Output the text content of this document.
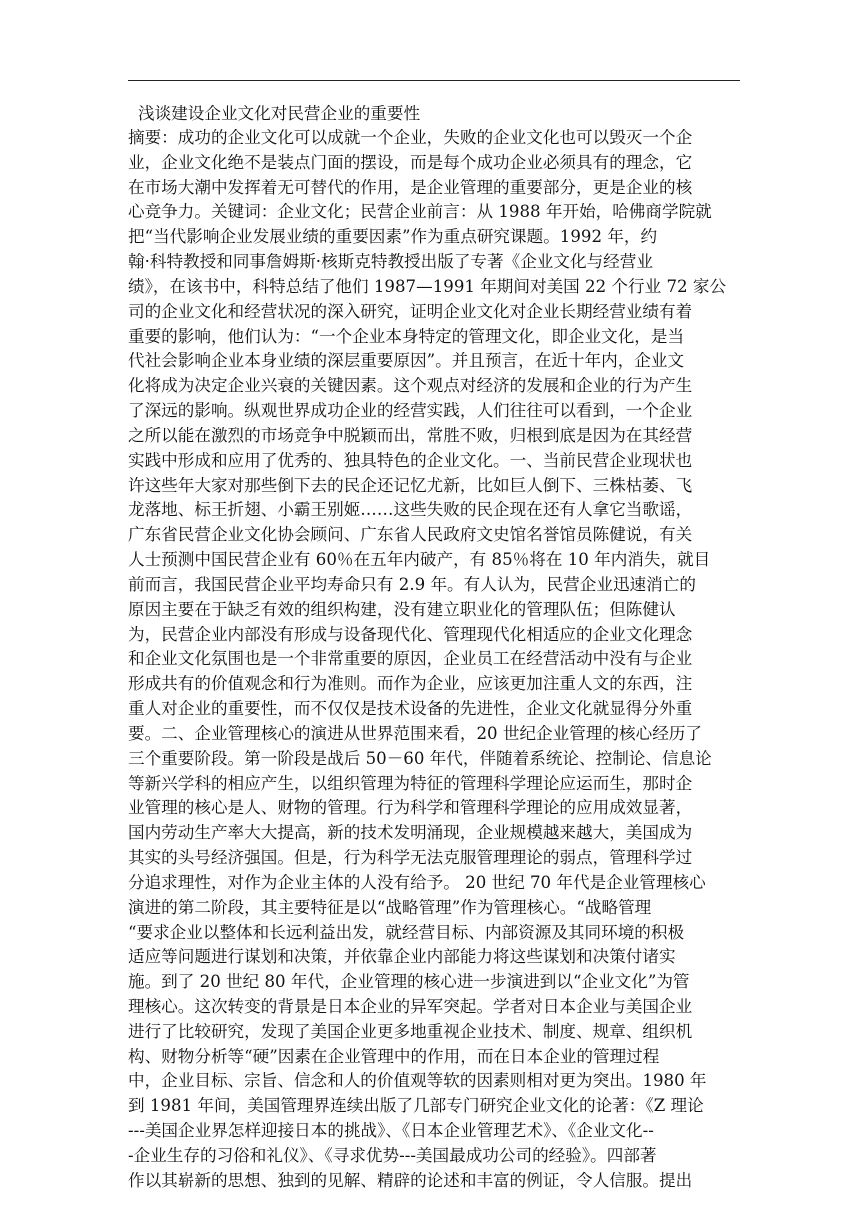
浅谈建设企业文化对民营企业的重要性
摘要：成功的企业文化可以成就一个企业，失败的企业文化也可以毁灭一个企
业，企业文化绝不是装点门面的摆设，而是每个成功企业必须具有的理念，它
在市场大潮中发挥着无可替代的作用，是企业管理的重要部分，更是企业的核
心竞争力。关键词：企业文化；民营企业前言：从 1988 年开始，哈佛商学院就
把“当代影响企业发展业绩的重要因素”作为重点研究课题。1992 年，约
翰·科特教授和同事詹姆斯·核斯克特教授出版了专著《企业文化与经营业
绩》，在该书中，科特总结了他们 1987—1991 年期间对美国 22 个行业 72 家公
司的企业文化和经营状况的深入研究，证明企业文化对企业长期经营业绩有着
重要的影响，他们认为：“一个企业本身特定的管理文化，即企业文化，是当
代社会影响企业本身业绩的深层重要原因”。并且预言，在近十年内，企业文
化将成为决定企业兴衰的关键因素。这个观点对经济的发展和企业的行为产生
了深远的影响。纵观世界成功企业的经营实践，人们往往可以看到，一个企业
之所以能在激烈的市场竞争中脱颖而出，常胜不败，归根到底是因为在其经营
实践中形成和应用了优秀的、独具特色的企业文化。一、当前民营企业现状也
许这些年大家对那些倒下去的民企还记忆尤新，比如巨人倒下、三株枯萎、飞
龙落地、标王折翅、小霸王别姬……这些失败的民企现在还有人拿它当歌谣，
广东省民营企业文化协会顾问、广东省人民政府文史馆名誉馆员陈健说，有关
人士预测中国民营企业有 60％在五年内破产，有 85％将在 10 年内消失，就目
前而言，我国民营企业平均寿命只有 2.9 年。有人认为，民营企业迅速消亡的
原因主要在于缺乏有效的组织构建，没有建立职业化的管理队伍；但陈健认
为，民营企业内部没有形成与设备现代化、管理现代化相适应的企业文化理念
和企业文化氛围也是一个非常重要的原因，企业员工在经营活动中没有与企业
形成共有的价值观念和行为准则。而作为企业，应该更加注重人文的东西，注
重人对企业的重要性，而不仅仅是技术设备的先进性，企业文化就显得分外重
要。二、企业管理核心的演进从世界范围来看，20 世纪企业管理的核心经历了
三个重要阶段。第一阶段是战后 50－60 年代，伴随着系统论、控制论、信息论
等新兴学科的相应产生，以组织管理为特征的管理科学理论应运而生，那时企
业管理的核心是人、财物的管理。行为科学和管理科学理论的应用成效显著，
国内劳动生产率大大提高，新的技术发明涌现，企业规模越来越大，美国成为
其实的头号经济强国。但是，行为科学无法克服管理理论的弱点，管理科学过
分追求理性，对作为企业主体的人没有给予。 20 世纪 70 年代是企业管理核心
演进的第二阶段，其主要特征是以“战略管理”作为管理核心。“战略管理
“要求企业以整体和长远利益出发，就经营目标、内部资源及其同环境的积极
适应等问题进行谋划和决策，并依靠企业内部能力将这些谋划和决策付诸实
施。到了 20 世纪 80 年代，企业管理的核心进一步演进到以“企业文化”为管
理核心。这次转变的背景是日本企业的异军突起。学者对日本企业与美国企业
进行了比较研究，发现了美国企业更多地重视企业技术、制度、规章、组织机
构、财物分析等“硬”因素在企业管理中的作用，而在日本企业的管理过程
中，企业目标、宗旨、信念和人的价值观等软的因素则相对更为突出。1980 年
到 1981 年间，美国管理界连续出版了几部专门研究企业文化的论著：《Z 理论
---美国企业界怎样迎接日本的挑战》、《日本企业管理艺术》、《企业文化--
-企业生存的习俗和礼仪》、《寻求优势---美国最成功公司的经验》。四部著
作以其崭新的思想、独到的见解、精辟的论述和丰富的例证，令人信服。提出
